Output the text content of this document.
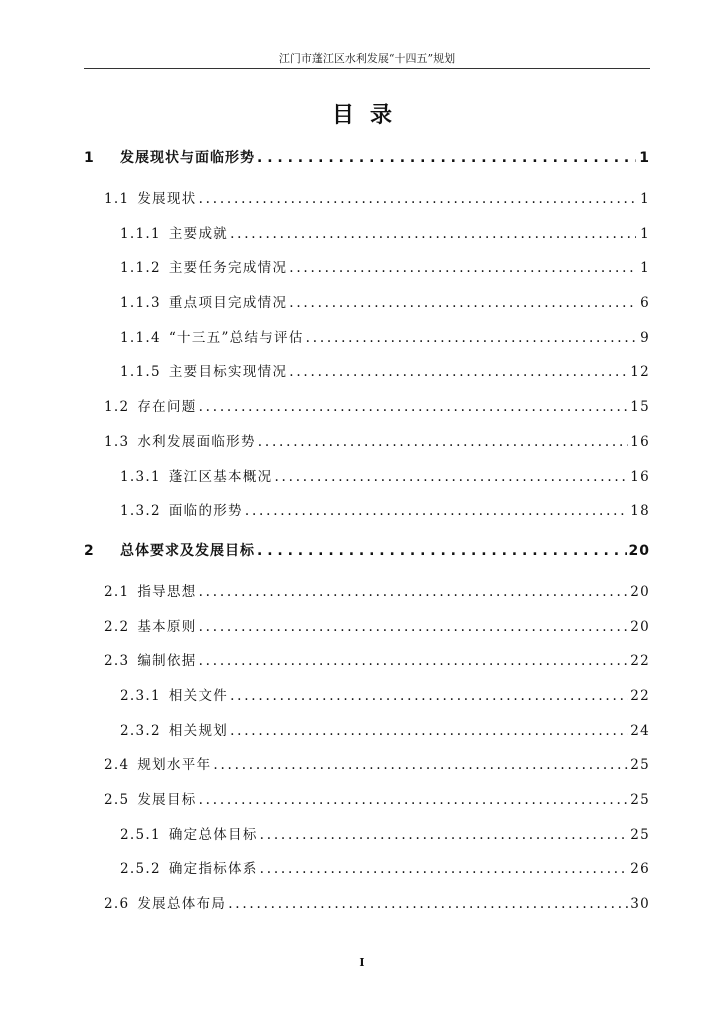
江门市蓬江区水利发展“十四五”规划
目录
1	发展现状与面临形势 . . .	1
1.1 发展现状 . . .	1
1.1.1 主要成就 . . .	1
1.1.2 主要任务完成情况 . . .	1
1.1.3 重点项目完成情况 . . .	6
1.1.4 “十三五”总结与评估 . . .	9
1.1.5 主要目标实现情况 . . .	12
1.2 存在问题 . . .	15
1.3 水利发展面临形势 . . .	16
1.3.1 蓬江区基本概况 . . .	16
1.3.2 面临的形势 . . .	18
2	总体要求及发展目标 . . .	20
2.1 指导思想 . . .	20
2.2 基本原则 . . .	20
2.3 编制依据 . . .	22
2.3.1 相关文件 . . .	22
2.3.2 相关规划 . . .	24
2.4 规划水平年 . . .	25
2.5 发展目标 . . .	25
2.5.1 确定总体目标 . . .	25
2.5.2 确定指标体系 . . .	26
2.6 发展总体布局 . . .	30
I
